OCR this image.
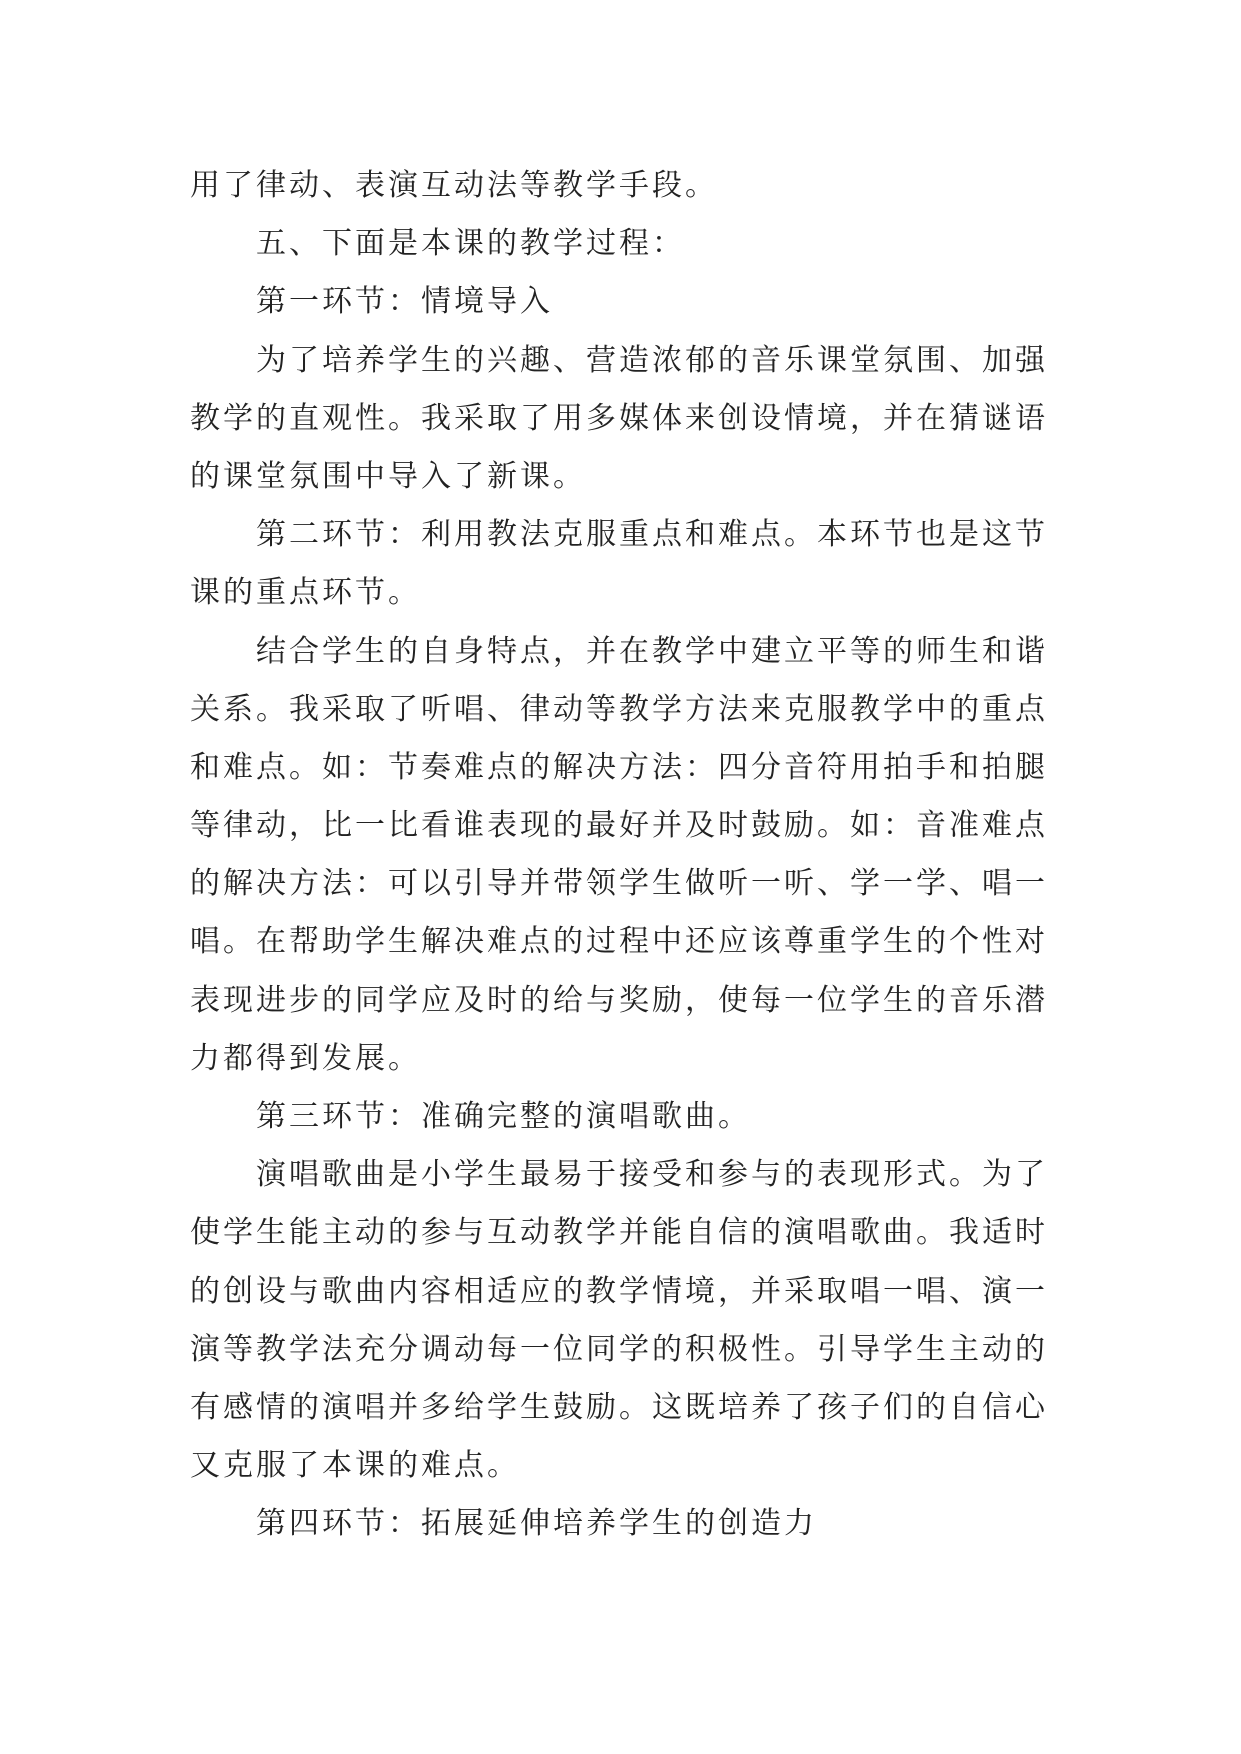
用了律动、表演互动法等教学手段。
五、下面是本课的教学过程：
第一环节：情境导入
为了培养学生的兴趣、营造浓郁的音乐课堂氛围、加强
教学的直观性。我采取了用多媒体来创设情境，并在猜谜语
的课堂氛围中导入了新课。
第二环节：利用教法克服重点和难点。本环节也是这节
课的重点环节。
结合学生的自身特点，并在教学中建立平等的师生和谐
关系。我采取了听唱、律动等教学方法来克服教学中的重点
和难点。如：节奏难点的解决方法：四分音符用拍手和拍腿
等律动，比一比看谁表现的最好并及时鼓励。如：音准难点
的解决方法：可以引导并带领学生做听一听、学一学、唱一
唱。在帮助学生解决难点的过程中还应该尊重学生的个性对
表现进步的同学应及时的给与奖励，使每一位学生的音乐潜
力都得到发展。
第三环节：准确完整的演唱歌曲。
演唱歌曲是小学生最易于接受和参与的表现形式。为了
使学生能主动的参与互动教学并能自信的演唱歌曲。我适时
的创设与歌曲内容相适应的教学情境，并采取唱一唱、演一
演等教学法充分调动每一位同学的积极性。引导学生主动的
有感情的演唱并多给学生鼓励。这既培养了孩子们的自信心
又克服了本课的难点。
第四环节：拓展延伸培养学生的创造力
